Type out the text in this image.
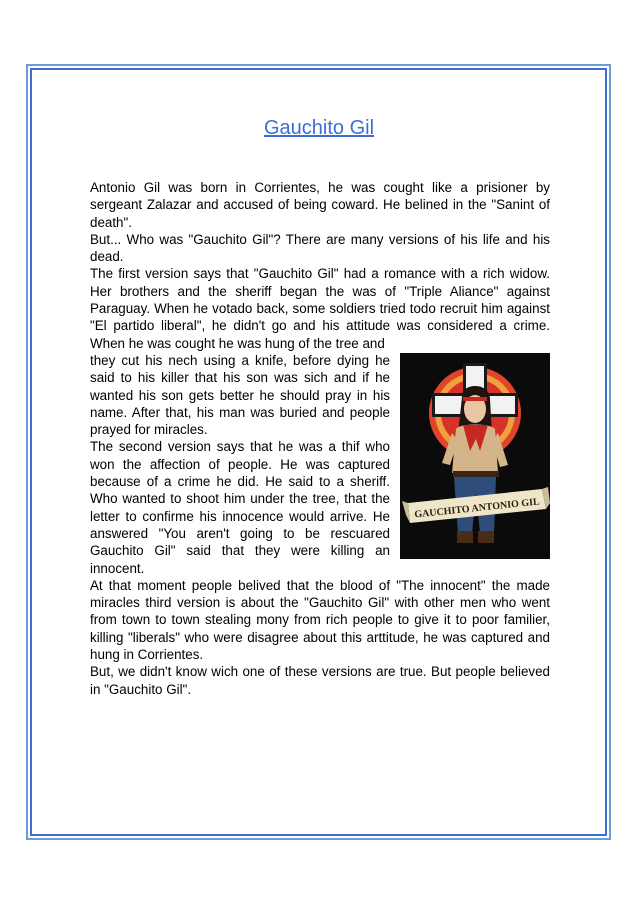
Gauchito Gil

Antonio Gil was born in Corrientes, he was cought like a prisioner by sergeant Zalazar and accused of being coward. He belined in the "Sanint of death".

But... Who was "Gauchito Gil"? There are many versions of his life and his dead.

The first version says that "Gauchito Gil" had a romance with a rich widow. Her brothers and the sheriff began the was of "Triple Aliance" against Paraguay. When he votado back, some soldiers tried todo recruit him against "El partido liberal", he didn't go and his attitude was considered a crime. When he was cought he was hung of the tree and

GAUCHITO ANTONIO GIL

they cut his nech using a knife, before dying he said to his killer that his son was sich and if he wanted his son gets better he should pray in his name. After that, his man was buried and people prayed for miracles.

The second version says that he was a thif who won the affection of people. He was captured because of a crime he did. He said to a sheriff. Who wanted to shoot him under the tree, that the letter to confirme his innocence would arrive. He answered "You aren't going to be rescuared Gauchito Gil" said that they were killing an innocent.

At that moment people belived that the blood of "The innocent" the made miracles third version is about the "Gauchito Gil" with other men who went from town to town stealing mony from rich people to give it to poor familier, killing "liberals" who were disagree about this arttitude, he was captured and hung in Corrientes.

But, we didn't know wich one of these versions are true. But people believed in "Gauchito Gil".
